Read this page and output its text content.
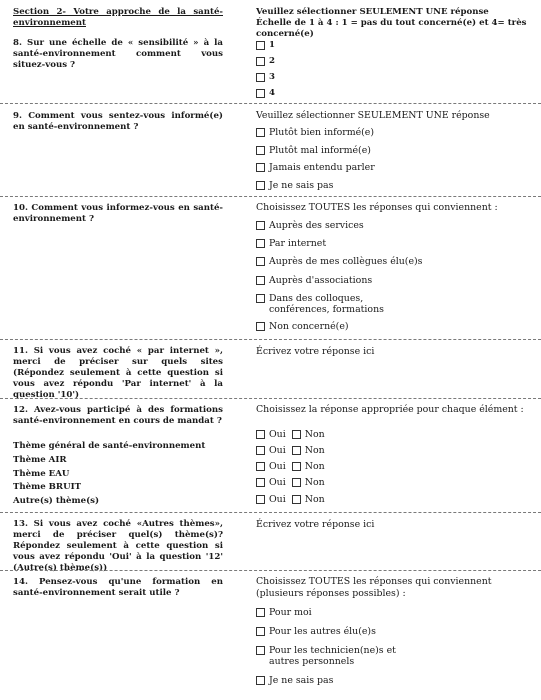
Section 2- Votre approche de la santé-environnement
8. Sur une échelle de « sensibilité » à la santé-environnement comment vous situez-vous ?
Veuillez sélectionner SEULEMENT UNE réponse
Échelle de 1 à 4 : 1 = pas du tout concerné(e) et 4= très concerné(e)
1
2
3
4
9. Comment vous sentez-vous informé(e) en santé-environnement ?
Veuillez sélectionner SEULEMENT UNE réponse
Plutôt bien informé(e)
Plutôt mal informé(e)
Jamais entendu parler
Je ne sais pas
10. Comment vous informez-vous en santé-environnement ?
Choisissez TOUTES les réponses qui conviennent :
Auprès des services
Par internet
Auprès de mes collègues élu(e)s
Auprès d'associations
Dans des colloques, conférences, formations
Non concerné(e)
11. Si vous avez coché « par internet », merci de préciser sur quels sites (Répondez seulement à cette question si vous avez répondu 'Par internet' à la question '10')
Écrivez votre réponse ici
12. Avez-vous participé à des formations santé-environnement en cours de mandat ?
Choisissez la réponse appropriée pour chaque élément :
Thème général de santé-environnement
Thème AIR
Thème EAU
Thème BRUIT
Autre(s) thème(s)
Oui Non
Oui Non
Oui Non
Oui Non
Oui Non
13. Si vous avez coché «Autres thèmes», merci de préciser quel(s) thème(s)? Répondez seulement à cette question si vous avez répondu 'Oui' à la question '12' (Autre(s) thème(s))
Écrivez votre réponse ici
14. Pensez-vous qu'une formation en santé-environnement serait utile ?
Choisissez TOUTES les réponses qui conviennent (plusieurs réponses possibles) :
Pour moi
Pour les autres élu(e)s
Pour les technicien(ne)s et autres personnels
Je ne sais pas
